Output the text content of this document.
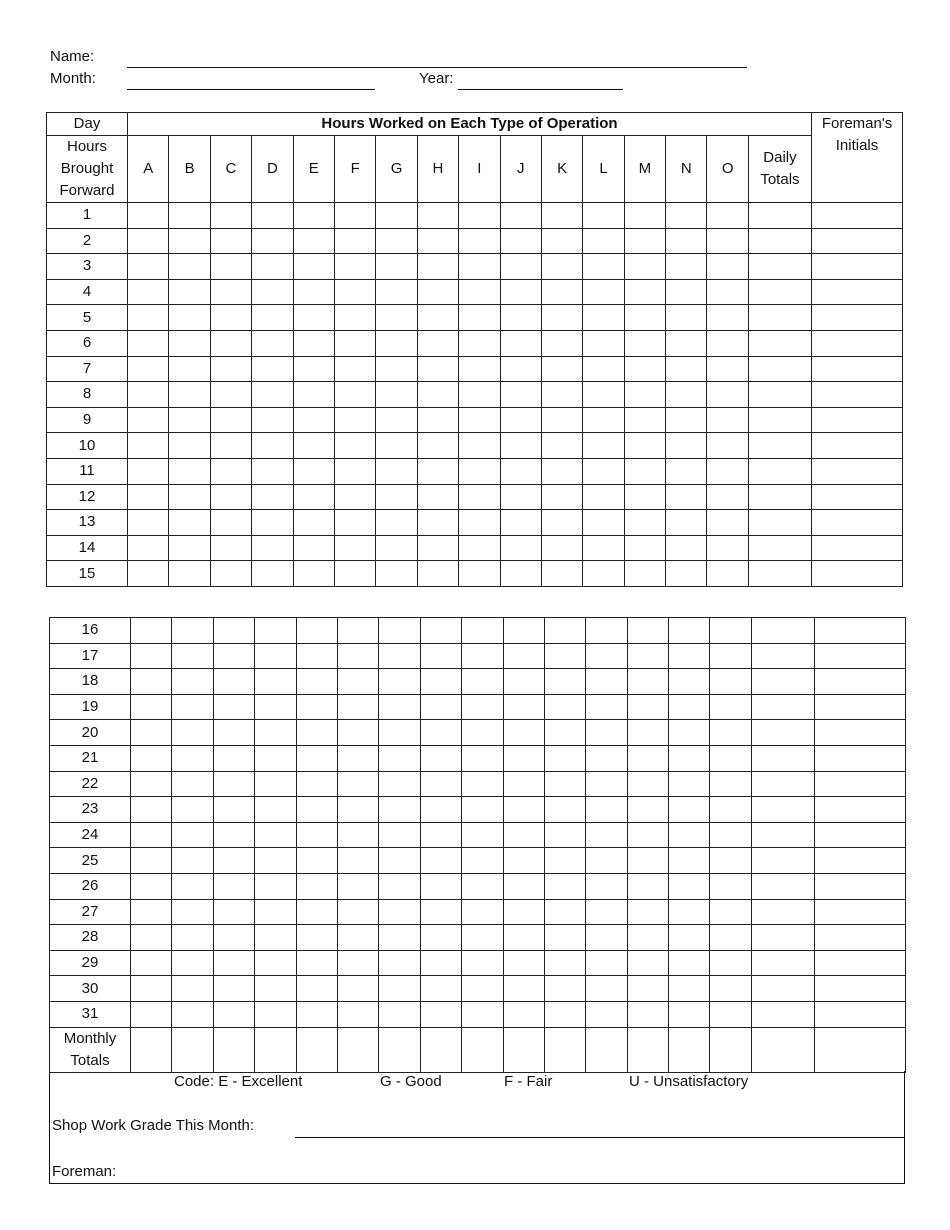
Name:
Month:	Year:
Day	Hours Worked on Each Type of Operation																Foreman's Initials
Hours Brought Forward	A	B	C	D	E	F	G	H	I	J	K	L	M	N	O	Daily Totals	
1																	
2																	
3																	
4																	
5																	
6																	
7																	
8																	
9																	
10																	
11																	
12																	
13																	
14																	
15																	
16																	
17																	
18																	
19																	
20																	
21																	
22																	
23																	
24																	
25																	
26																	
27																	
28																	
29																	
30																	
31																	
Monthly Totals																	
Code: E - Excellent	G - Good	F - Fair	U - Unsatisfactory
Shop Work Grade This Month:
Foreman:
